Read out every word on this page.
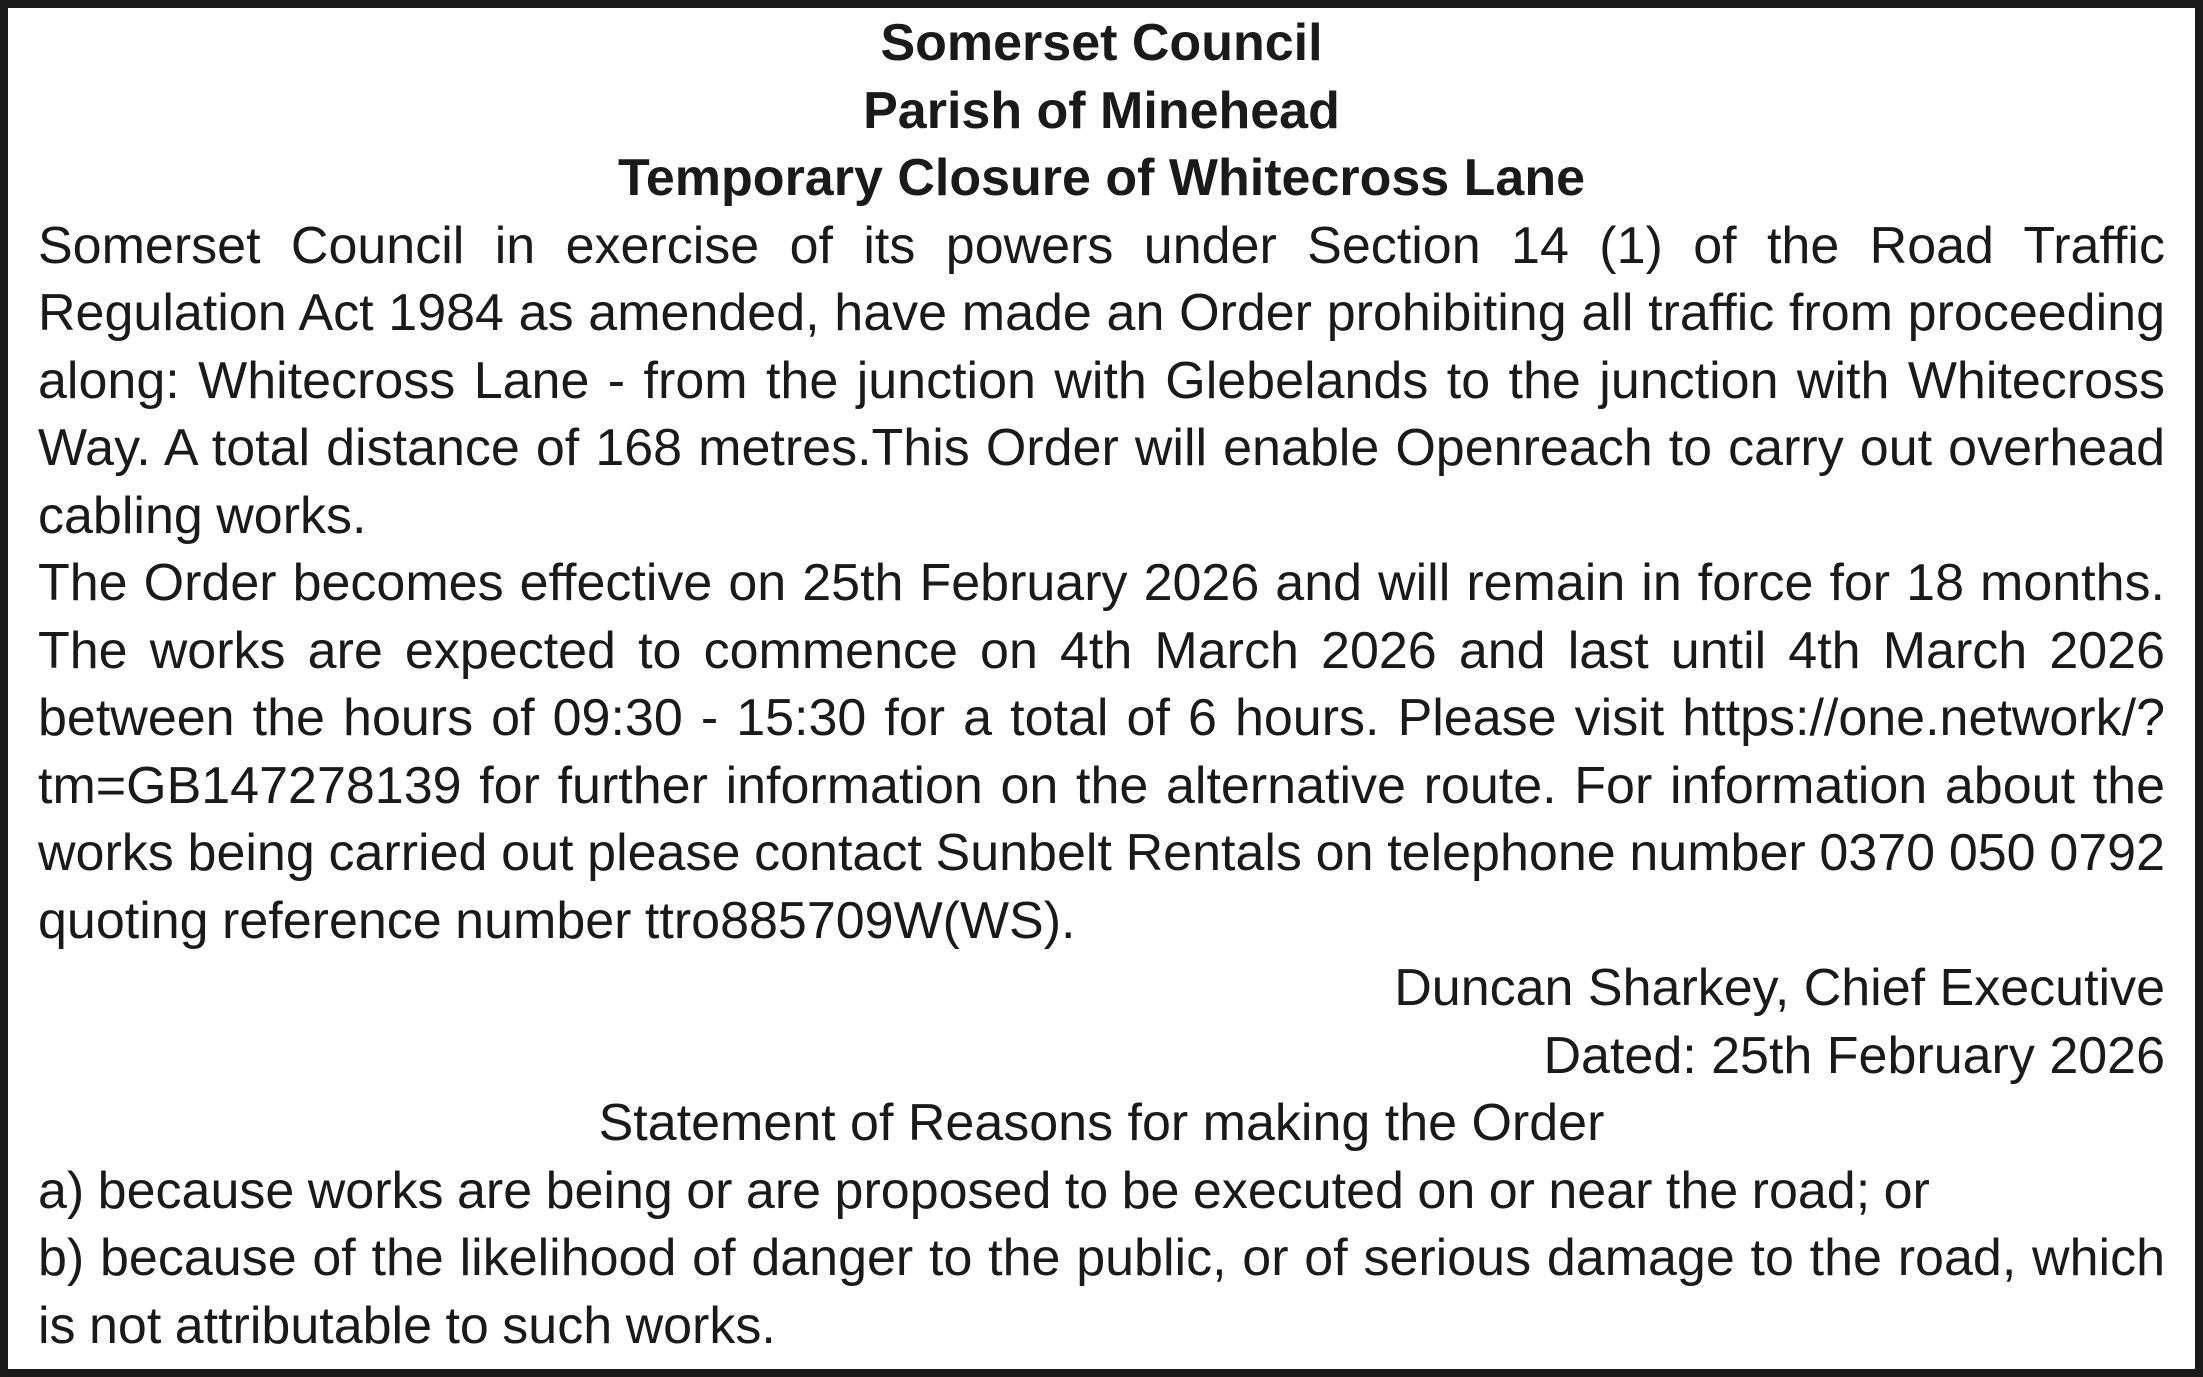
Somerset Council

Parish of Minehead

Temporary Closure of Whitecross Lane

Somerset Council in exercise of its powers under Section 14 (1) of the Road Traffic Regulation Act 1984 as amended, have made an Order prohibiting all traffic from proceeding along: Whitecross Lane - from the junction with Glebelands to the junction with Whitecross Way. A total distance of 168 metres.This Order will enable Openreach to carry out overhead cabling works.

The Order becomes effective on 25th February 2026 and will remain in force for 18 months. The works are expected to commence on 4th March 2026 and last until 4th March 2026 between the hours of 09:30 - 15:30 for a total of 6 hours. Please visit https://one.network/?tm=GB147278139 for further information on the alternative route. For information about the works being carried out please contact Sunbelt Rentals on telephone number 0370 050 0792 quoting reference number ttro885709W(WS).

Duncan Sharkey, Chief Executive

Dated: 25th February 2026

Statement of Reasons for making the Order

a) because works are being or are proposed to be executed on or near the road; or

b) because of the likelihood of danger to the public, or of serious damage to the road, which is not attributable to such works.
